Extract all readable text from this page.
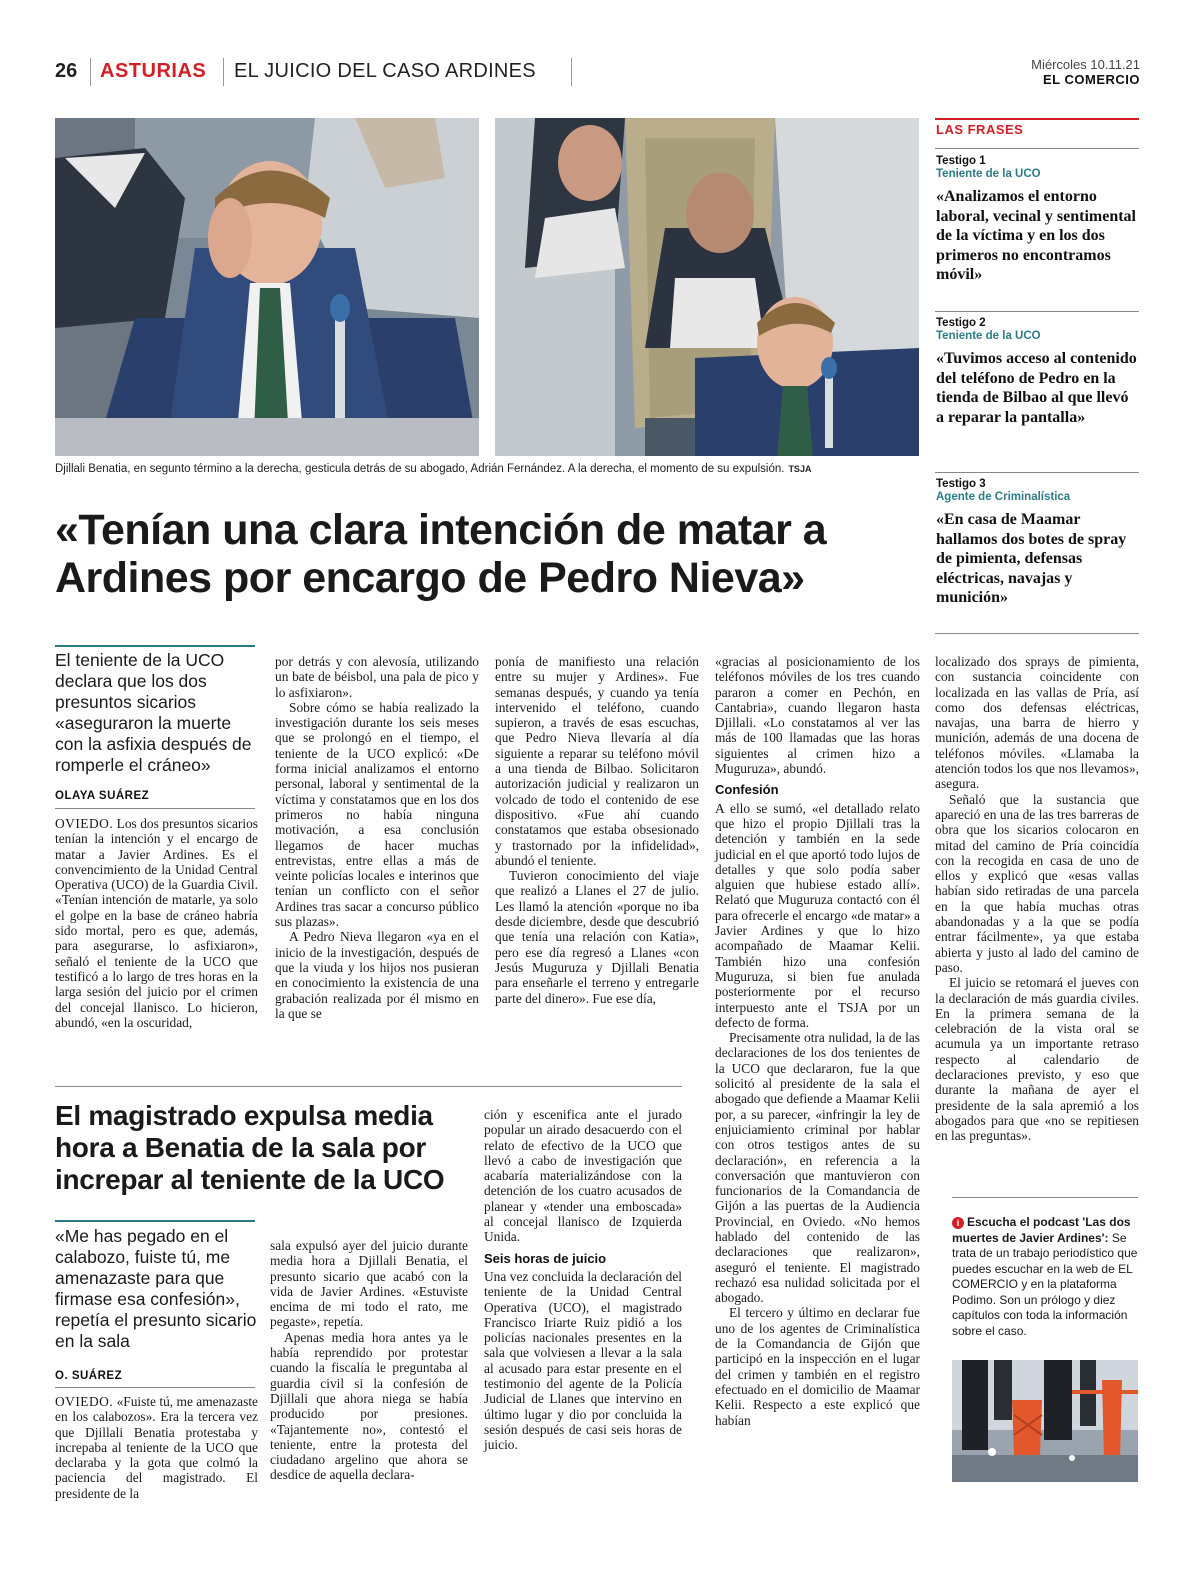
26 ASTURIAS EL JUICIO DEL CASO ARDINES	Miércoles 10.11.21
EL COMERCIO
Djillali Benatia, en segunto término a la derecha, gesticula detrás de su abogado, Adrián Fernández. A la derecha, el momento de su expulsión. TSJA
«Tenían una clara intención de matar a Ardines por encargo de Pedro Nieva»
LAS FRASES
Testigo 1
Teniente de la UCO
«Analizamos el entorno laboral, vecinal y sentimental de la víctima y en los dos primeros no encontramos móvil»
Testigo 2
Teniente de la UCO
«Tuvimos acceso al contenido del teléfono de Pedro en la tienda de Bilbao al que llevó a reparar la pantalla»
Testigo 3
Agente de Criminalística
«En casa de Maamar hallamos dos botes de spray de pimienta, defensas eléctricas, navajas y munición»
El teniente de la UCO declara que los dos presuntos sicarios «aseguraron la muerte con la asfixia después de romperle el cráneo»
OLAYA SUÁREZ

OVIEDO. Los dos presuntos sicarios tenían la intención y el encargo de matar a Javier Ardines. Es el convencimiento de la Unidad Central Operativa (UCO) de la Guardia Civil. «Tenían intención de matarle, ya solo el golpe en la base de cráneo habría sido mortal, pero es que, además, para asegurarse, lo asfixiaron», señaló el teniente de la UCO que testificó a lo largo de tres horas en la larga sesión del juicio por el crimen del concejal llanisco. Lo hicieron, abundó, «en la oscuridad,

por detrás y con alevosía, utilizando un bate de béisbol, una pala de pico y lo asfixiaron».

Sobre cómo se había realizado la investigación durante los seis meses que se prolongó en el tiempo, el teniente de la UCO explicó: «De forma inicial analizamos el entorno personal, laboral y sentimental de la víctima y constatamos que en los dos primeros no había ninguna motivación, a esa conclusión llegamos de hacer muchas entrevistas, entre ellas a más de veinte policías locales e interinos que tenían un conflicto con el señor Ardines tras sacar a concurso público sus plazas».

A Pedro Nieva llegaron «ya en el inicio de la investigación, después de que la viuda y los hijos nos pusieran en conocimiento la existencia de una grabación realizada por él mismo en la que se

ponía de manifiesto una relación entre su mujer y Ardines». Fue semanas después, y cuando ya tenía intervenido el teléfono, cuando supieron, a través de esas escuchas, que Pedro Nieva llevaría al día siguiente a reparar su teléfono móvil a una tienda de Bilbao. Solicitaron autorización judicial y realizaron un volcado de todo el contenido de ese dispositivo. «Fue ahí cuando constatamos que estaba obsesionado y trastornado por la infidelidad», abundó el teniente.

Tuvieron conocimiento del viaje que realizó a Llanes el 27 de julio. Les llamó la atención «porque no iba desde diciembre, desde que descubrió que tenía una relación con Katia», pero ese día regresó a Llanes «con Jesús Muguruza y Djillali Benatia para enseñarle el terreno y entregarle parte del dinero». Fue ese día,

«gracias al posicionamiento de los teléfonos móviles de los tres cuando pararon a comer en Pechón, en Cantabria», cuando llegaron hasta Djillali. «Lo constatamos al ver las más de 100 llamadas que las horas siguientes al crimen hizo a Muguruza», abundó.

Confesión

A ello se sumó, «el detallado relato que hizo el propio Djillali tras la detención y también en la sede judicial en el que aportó todo lujos de detalles y que solo podía saber alguien que hubiese estado allí». Relató que Muguruza contactó con él para ofrecerle el encargo «de matar» a Javier Ardines y que lo hizo acompañado de Maamar Kelii. También hizo una confesión Muguruza, si bien fue anulada posteriormente por el recurso interpuesto ante el TSJA por un defecto de forma.

Precisamente otra nulidad, la de las declaraciones de los dos tenientes de la UCO que declararon, fue la que solicitó al presidente de la sala el abogado que defiende a Maamar Kelii por, a su parecer, «infringir la ley de enjuiciamiento criminal por hablar con otros testigos antes de su declaración», en referencia a la conversación que mantuvieron con funcionarios de la Comandancia de Gijón a las puertas de la Audiencia Provincial, en Oviedo. «No hemos hablado del contenido de las declaraciones que realizaron», aseguró el teniente. El magistrado rechazó esa nulidad solicitada por el abogado.

El tercero y último en declarar fue uno de los agentes de Criminalística de la Comandancia de Gijón que participó en la inspección en el lugar del crimen y también en el registro efectuado en el domicilio de Maamar Kelii. Respecto a este explicó que habían

localizado dos sprays de pimienta, con sustancia coincidente con localizada en las vallas de Pría, así como dos defensas eléctricas, navajas, una barra de hierro y munición, además de una docena de teléfonos móviles. «Llamaba la atención todos los que nos llevamos», asegura.

Señaló que la sustancia que apareció en una de las tres barreras de obra que los sicarios colocaron en mitad del camino de Pría coincidía con la recogida en casa de uno de ellos y explicó que «esas vallas habían sido retiradas de una parcela en la que había muchas otras abandonadas y a la que se podía entrar fácilmente», ya que estaba abierta y justo al lado del camino de paso.

El juicio se retomará el jueves con la declaración de más guardia civiles. En la primera semana de la celebración de la vista oral se acumula ya un importante retraso respecto al calendario de declaraciones previsto, y eso que durante la mañana de ayer el presidente de la sala apremió a los abogados para que «no se repitiesen en las preguntas».

El magistrado expulsa media hora a Benatia de la sala por increpar al teniente de la UCO
«Me has pegado en el calabozo, fuiste tú, me amenazaste para que firmase esa confesión», repetía el presunto sicario en la sala
O. SUÁREZ

OVIEDO. «Fuiste tú, me amenazaste en los calabozos». Era la tercera vez que Djillali Benatia protestaba y increpaba al teniente de la UCO que declaraba y la gota que colmó la paciencia del magistrado. El presidente de la

sala expulsó ayer del juicio durante media hora a Djillali Benatia, el presunto sicario que acabó con la vida de Javier Ardines. «Estuviste encima de mi todo el rato, me pegaste», repetía.

Apenas media hora antes ya le había reprendido por protestar cuando la fiscalía le preguntaba al guardia civil si la confesión de Djillali que ahora niega se había producido por presiones. «Tajantemente no», contestó el teniente, entre la protesta del ciudadano argelino que ahora se desdice de aquella declara-

ción y escenifica ante el jurado popular un airado desacuerdo con el relato de efectivo de la UCO que llevó a cabo de investigación que acabaría materializándose con la detención de los cuatro acusados de planear y «tender una emboscada» al concejal llanisco de Izquierda Unida.

Seis horas de juicio

Una vez concluida la declaración del teniente de la Unidad Central Operativa (UCO), el magistrado Francisco Iriarte Ruiz pidió a los policías nacionales presentes en la sala que volviesen a llevar a la sala al acusado para estar presente en el testimonio del agente de la Policía Judicial de Llanes que intervino en último lugar y dio por concluida la sesión después de casi seis horas de juicio.

i Escucha el podcast 'Las dos muertes de Javier Ardines': Se trata de un trabajo periodístico que puedes escuchar en la web de EL COMERCIO y en la plataforma Podimo. Son un prólogo y diez capítulos con toda la información sobre el caso.
